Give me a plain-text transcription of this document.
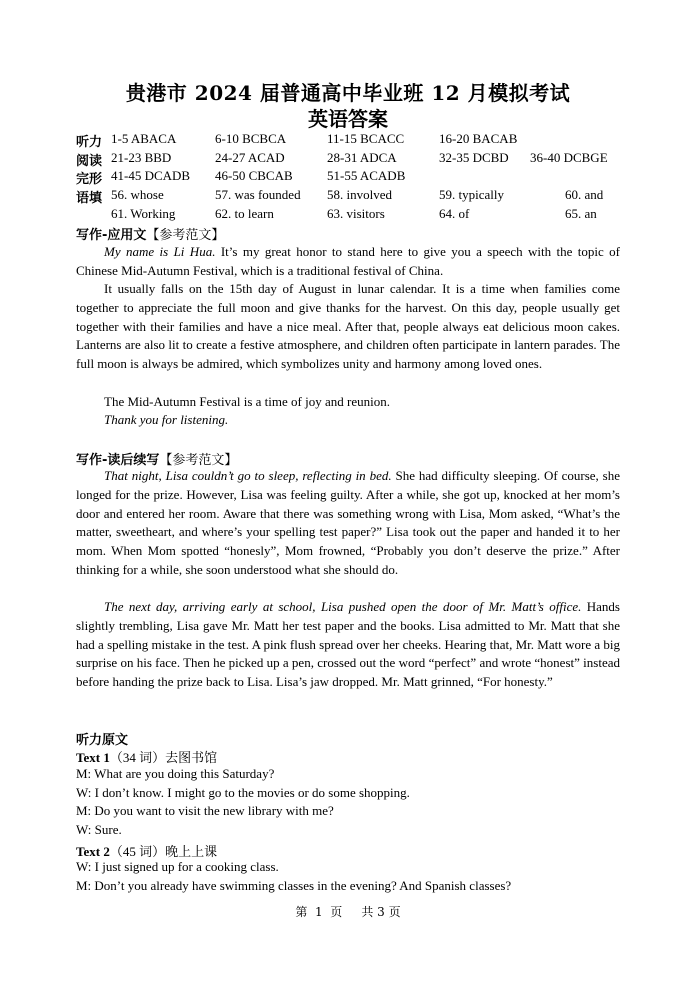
贵港市 2024 届普通高中毕业班 12 月模拟考试
英语答案
听力 1-5 ABACA	6-10 BCBCA	11-15 BCACC	16-20 BACAB
阅读 21-23 BBD	24-27 ACAD	28-31 ADCA	32-35 DCBD 36-40 DCBGE
完形 41-45 DCADB 46-50 CBCAB	51-55 ACADB
语填 56. whose	57. was founded 58. involved	59. typically	60. and
61. Working	62. to learn	63. visitors	64. of	65. an
写作-应用文【参考范文】
My name is Li Hua. It’s my great honor to stand here to give you a speech with the topic of Chinese Mid-Autumn Festival, which is a traditional festival of China.
It usually falls on the 15th day of August in lunar calendar. It is a time when families come together to appreciate the full moon and give thanks for the harvest. On this day, people usually get together with their families and have a nice meal. After that, people always eat delicious moon cakes. Lanterns are also lit to create a festive atmosphere, and children often participate in lantern parades. The full moon is always be admired, which symbolizes unity and harmony among loved ones.
The Mid-Autumn Festival is a time of joy and reunion.
Thank you for listening.
写作-读后续写【参考范文】
That night, Lisa couldn’t go to sleep, reflecting in bed. She had difficulty sleeping. Of course, she longed for the prize. However, Lisa was feeling guilty. After a while, she got up, knocked at her mom’s door and entered her room. Aware that there was something wrong with Lisa, Mom asked, “What’s the matter, sweetheart, and where’s your spelling test paper?” Lisa took out the paper and handed it to her mom. When Mom spotted “honesly”, Mom frowned, “Probably you don’t deserve the prize.” After thinking for a while, she soon understood what she should do.
The next day, arriving early at school, Lisa pushed open the door of Mr. Matt’s office. Hands slightly trembling, Lisa gave Mr. Matt her test paper and the books. Lisa admitted to Mr. Matt that she had a spelling mistake in the test. A pink flush spread over her cheeks. Hearing that, Mr. Matt wore a big surprise on his face. Then he picked up a pen, crossed out the word “perfect” and wrote “honest” instead before handing the prize back to Lisa. Lisa’s jaw dropped. Mr. Matt grinned, “For honesty.”
听力原文
Text 1（34 词）去图书馆
M: What are you doing this Saturday?
W: I don’t know. I might go to the movies or do some shopping.
M: Do you want to visit the new library with me?
W: Sure.
Text 2（45 词）晚上上课
W: I just signed up for a cooking class.
M: Don’t you already have swimming classes in the evening? And Spanish classes?
第  1  页     共 3 页
